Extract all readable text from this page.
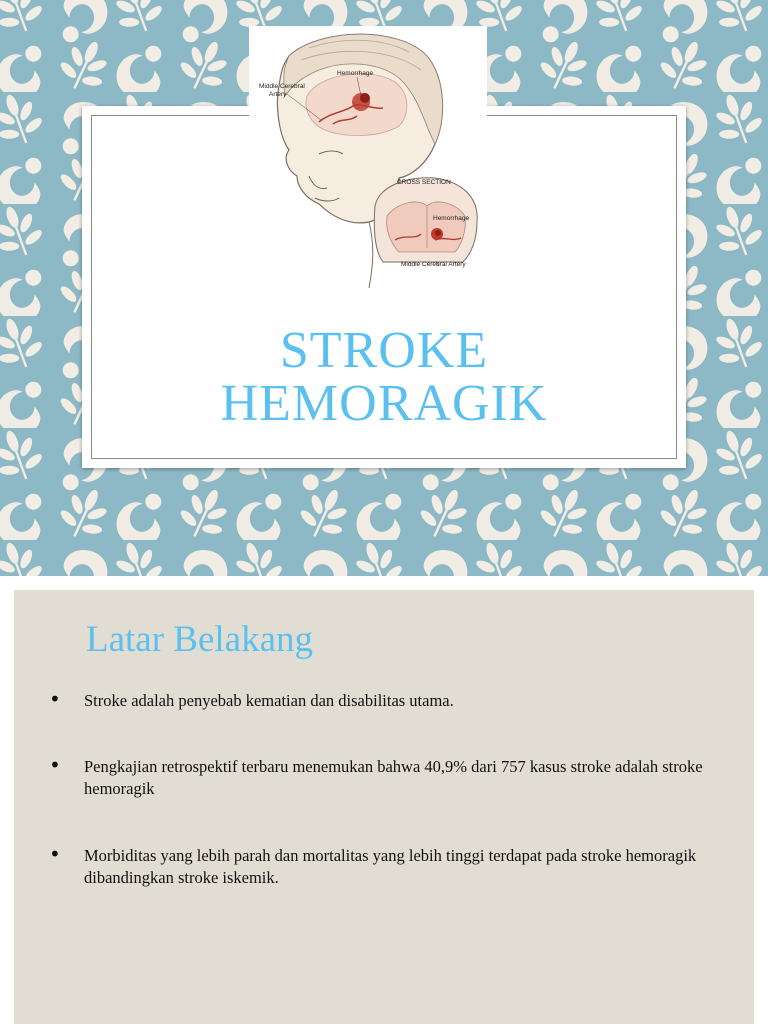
STROKE
HEMORAGIK
Hemorrhage
Middle Cerebral
Artery
CROSS SECTION
Hemorrhage
Middle Cerebral Artery
Latar Belakang
• Stroke adalah penyebab kematian dan disabilitas utama.
• Pengkajian retrospektif terbaru menemukan bahwa 40,9% dari 757 kasus stroke adalah stroke hemoragik
• Morbiditas yang lebih parah dan mortalitas yang lebih tinggi terdapat pada stroke hemoragik dibandingkan stroke iskemik.
